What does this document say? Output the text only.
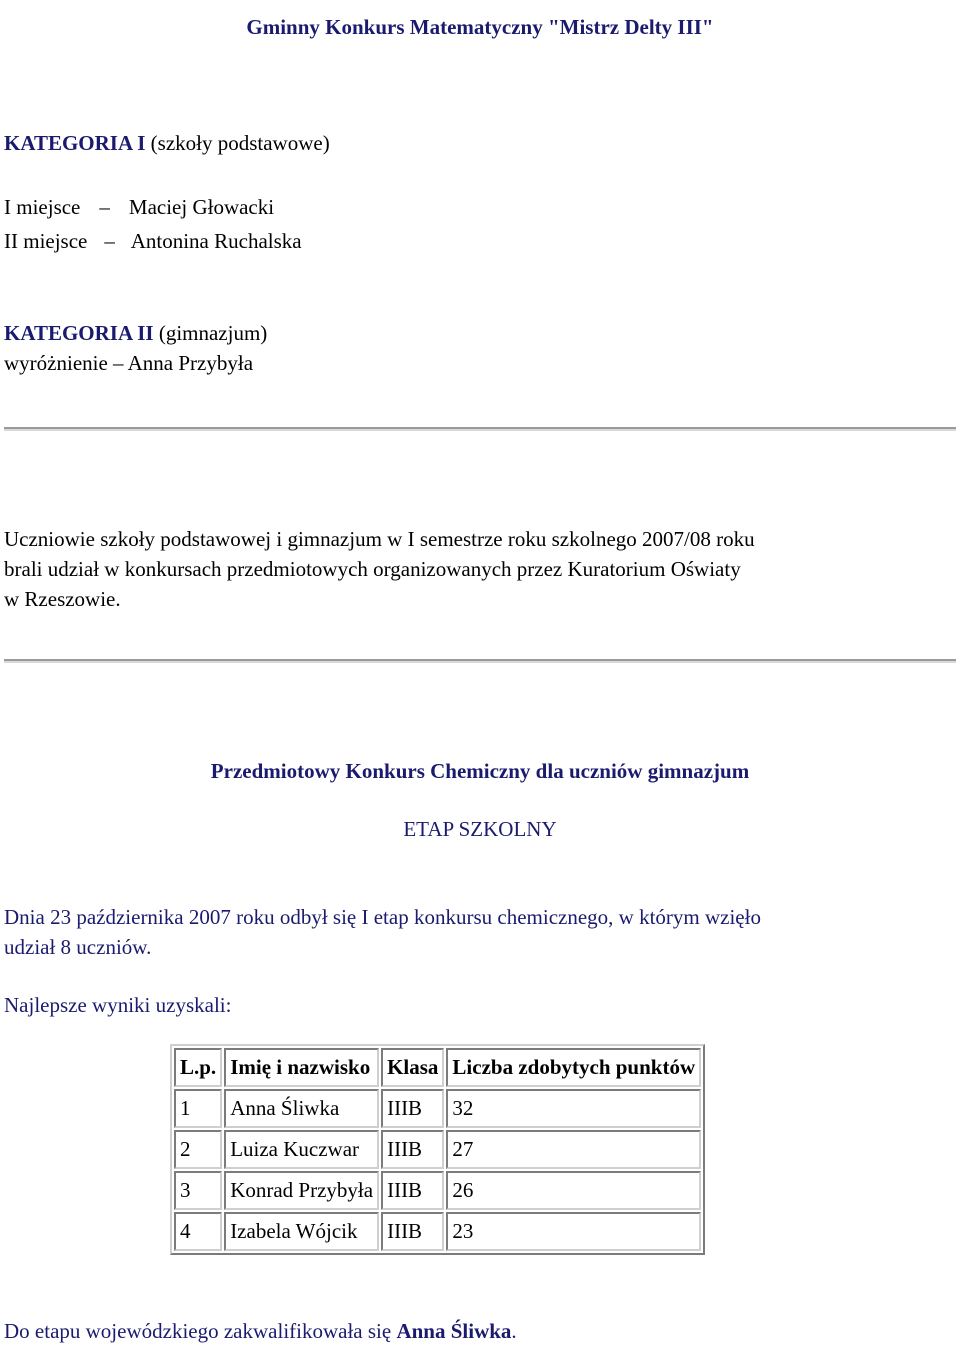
Gminny Konkurs Matematyczny "Mistrz Delty III"
KATEGORIA I (szkoły podstawowe)
I miejsce – Maciej Głowacki
II miejsce – Antonina Ruchalska
KATEGORIA II (gimnazjum)
wyróżnienie – Anna Przybyła
Uczniowie szkoły podstawowej i gimnazjum w I semestrze roku szkolnego 2007/08 roku
brali udział w konkursach przedmiotowych organizowanych przez Kuratorium Oświaty
w Rzeszowie.
Przedmiotowy Konkurs Chemiczny dla uczniów gimnazjum
ETAP SZKOLNY
Dnia 23 października 2007 roku odbył się I etap konkursu chemicznego, w którym wzięło
udział 8 uczniów.
Najlepsze wyniki uzyskali:
L.p.	Imię i nazwisko	Klasa	Liczba zdobytych punktów
1	Anna Śliwka	IIIB	32
2	Luiza Kuczwar	IIIB	27
3	Konrad Przybyła	IIIB	26
4	Izabela Wójcik	IIIB	23
Do etapu wojewódzkiego zakwalifikowała się Anna Śliwka.
